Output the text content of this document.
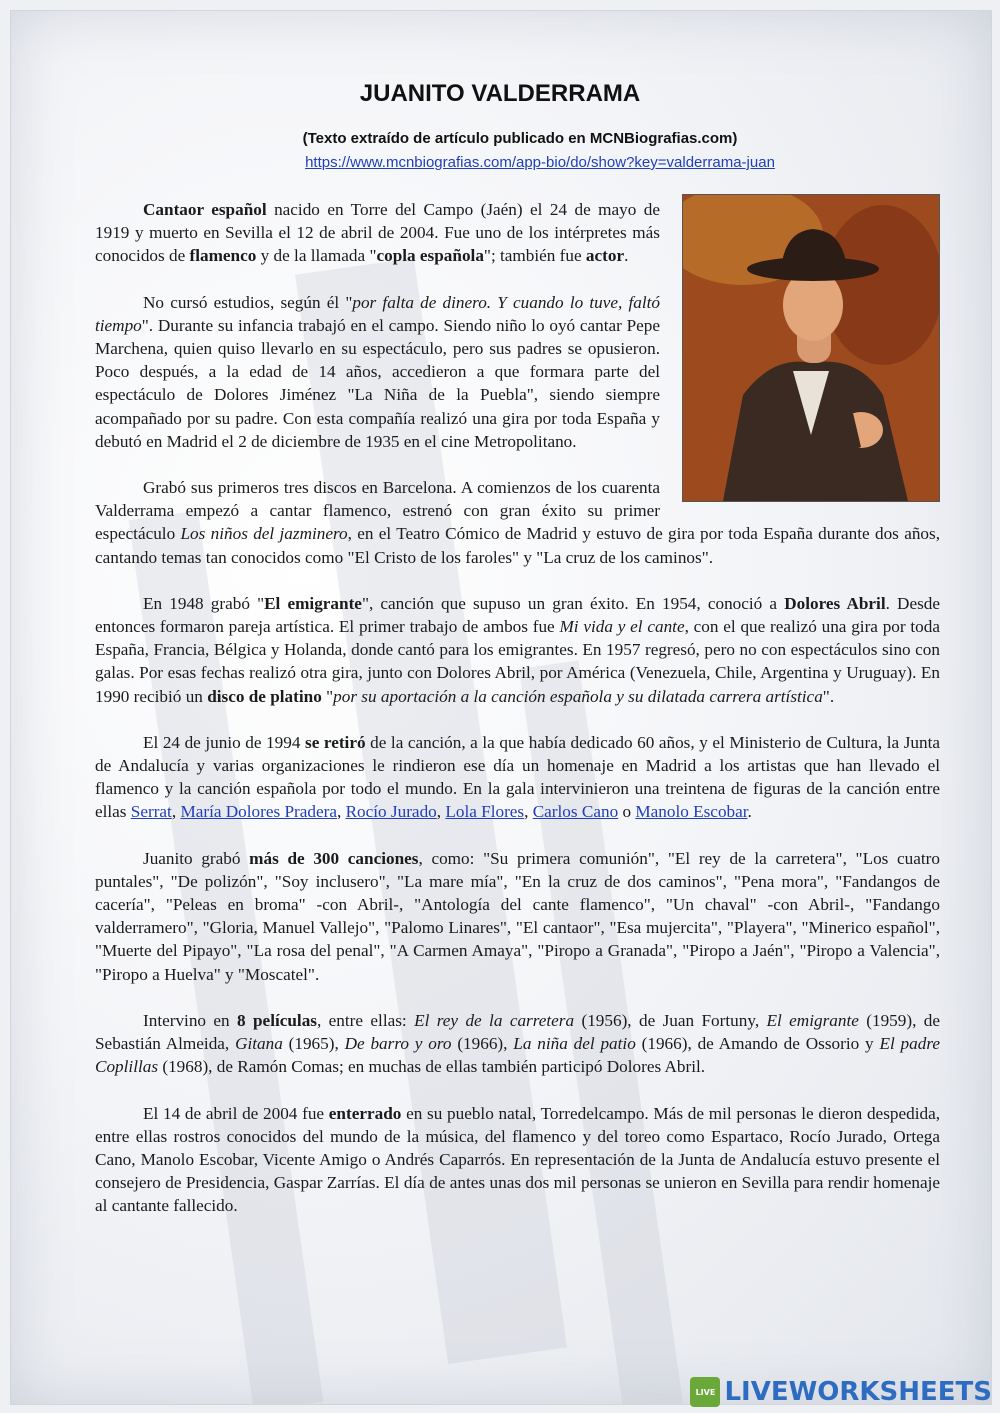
JUANITO VALDERRAMA
(Texto extraído de artículo publicado en MCNBiografias.com)
https://www.mcnbiografias.com/app-bio/do/show?key=valderrama-juan

Cantaor español nacido en Torre del Campo (Jaén) el 24 de mayo de 1919 y muerto en Sevilla el 12 de abril de 2004. Fue uno de los intérpretes más conocidos de flamenco y de la llamada "copla española"; también fue actor.

No cursó estudios, según él "por falta de dinero. Y cuando lo tuve, faltó tiempo". Durante su infancia trabajó en el campo. Siendo niño lo oyó cantar Pepe Marchena, quien quiso llevarlo en su espectáculo, pero sus padres se opusieron. Poco después, a la edad de 14 años, accedieron a que formara parte del espectáculo de Dolores Jiménez "La Niña de la Puebla", siendo siempre acompañado por su padre. Con esta compañía realizó una gira por toda España y debutó en Madrid el 2 de diciembre de 1935 en el cine Metropolitano.

Grabó sus primeros tres discos en Barcelona. A comienzos de los cuarenta Valderrama empezó a cantar flamenco, estrenó con gran éxito su primer espectáculo Los niños del jazminero, en el Teatro Cómico de Madrid y estuvo de gira por toda España durante dos años, cantando temas tan conocidos como "El Cristo de los faroles" y "La cruz de los caminos".

En 1948 grabó "El emigrante", canción que supuso un gran éxito. En 1954, conoció a Dolores Abril. Desde entonces formaron pareja artística. El primer trabajo de ambos fue Mi vida y el cante, con el que realizó una gira por toda España, Francia, Bélgica y Holanda, donde cantó para los emigrantes. En 1957 regresó, pero no con espectáculos sino con galas. Por esas fechas realizó otra gira, junto con Dolores Abril, por América (Venezuela, Chile, Argentina y Uruguay). En 1990 recibió un disco de platino "por su aportación a la canción española y su dilatada carrera artística".

El 24 de junio de 1994 se retiró de la canción, a la que había dedicado 60 años, y el Ministerio de Cultura, la Junta de Andalucía y varias organizaciones le rindieron ese día un homenaje en Madrid a los artistas que han llevado el flamenco y la canción española por todo el mundo. En la gala intervinieron una treintena de figuras de la canción entre ellas Serrat, María Dolores Pradera, Rocío Jurado, Lola Flores, Carlos Cano o Manolo Escobar.

Juanito grabó más de 300 canciones, como: "Su primera comunión", "El rey de la carretera", "Los cuatro puntales", "De polizón", "Soy inclusero", "La mare mía", "En la cruz de dos caminos", "Pena mora", "Fandangos de cacería", "Peleas en broma" -con Abril-, "Antología del cante flamenco", "Un chaval" -con Abril-, "Fandango valderramero", "Gloria, Manuel Vallejo", "Palomo Linares", "El cantaor", "Esa mujercita", "Playera", "Minerico español", "Muerte del Pipayo", "La rosa del penal", "A Carmen Amaya", "Piropo a Granada", "Piropo a Jaén", "Piropo a Valencia", "Piropo a Huelva" y "Moscatel".

Intervino en 8 películas, entre ellas: El rey de la carretera (1956), de Juan Fortuny, El emigrante (1959), de Sebastián Almeida, Gitana (1965), De barro y oro (1966), La niña del patio (1966), de Amando de Ossorio y El padre Coplillas (1968), de Ramón Comas; en muchas de ellas también participó Dolores Abril.

El 14 de abril de 2004 fue enterrado en su pueblo natal, Torredelcampo. Más de mil personas le dieron despedida, entre ellas rostros conocidos del mundo de la música, del flamenco y del toreo como Espartaco, Rocío Jurado, Ortega Cano, Manolo Escobar, Vicente Amigo o Andrés Caparrós. En representación de la Junta de Andalucía estuvo presente el consejero de Presidencia, Gaspar Zarrías. El día de antes unas dos mil personas se unieron en Sevilla para rendir homenaje al cantante fallecido.

LIVE LIVEWORKSHEETS
